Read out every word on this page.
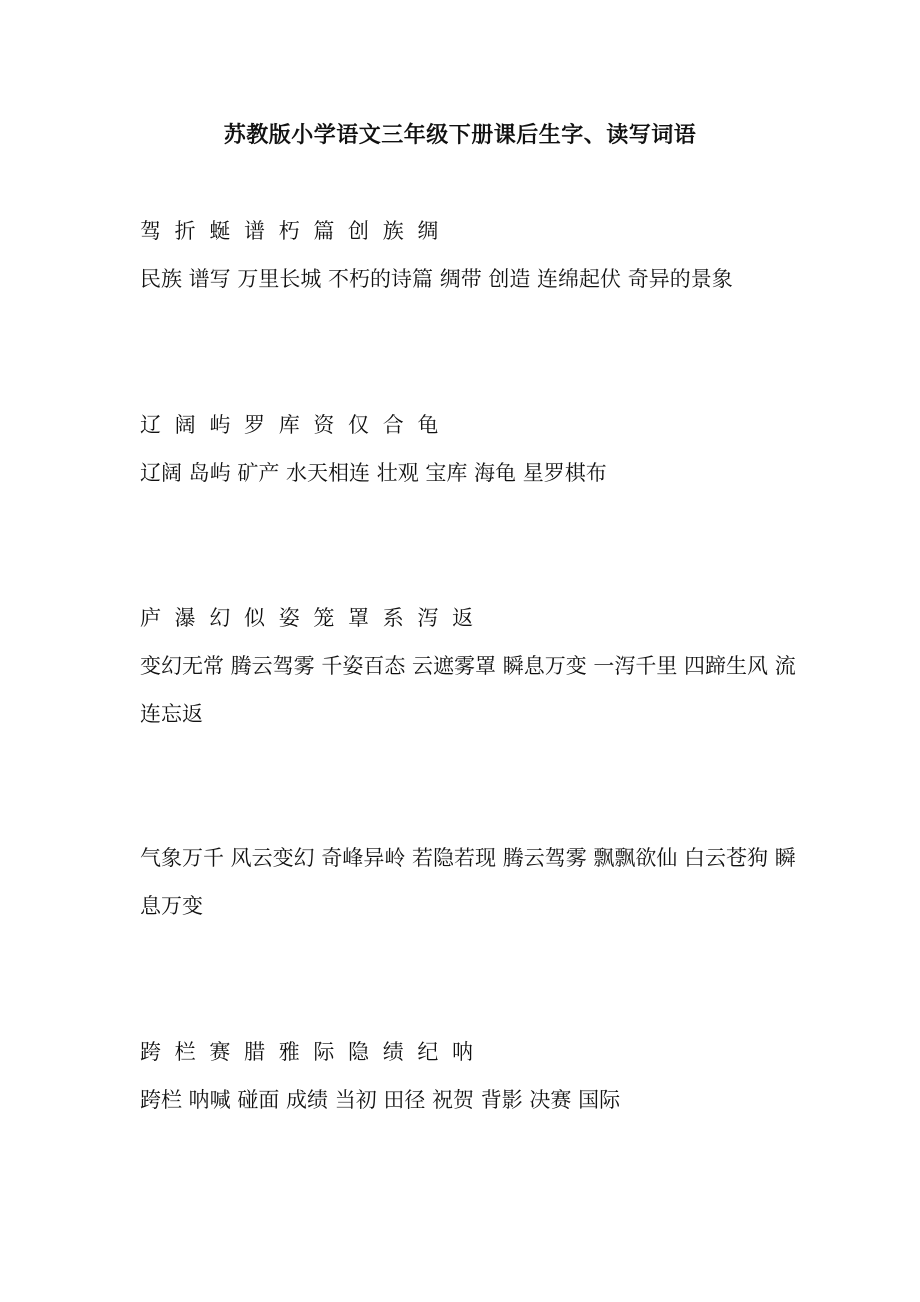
苏教版小学语文三年级下册课后生字、读写词语
驾 折 蜒 谱 朽 篇 创 族 绸
民族 谱写 万里长城 不朽的诗篇 绸带 创造 连绵起伏 奇异的景象
辽 阔 屿 罗 库 资 仅 合 龟
辽阔 岛屿 矿产 水天相连 壮观 宝库 海龟 星罗棋布
庐 瀑 幻 似 姿 笼 罩 系 泻 返
变幻无常 腾云驾雾 千姿百态 云遮雾罩 瞬息万变 一泻千里 四蹄生风 流连忘返
气象万千 风云变幻 奇峰异岭 若隐若现 腾云驾雾 飘飘欲仙 白云苍狗 瞬息万变
跨 栏 赛 腊 雅 际 隐 绩 纪 呐
跨栏 呐喊 碰面 成绩 当初 田径 祝贺 背影 决赛 国际
